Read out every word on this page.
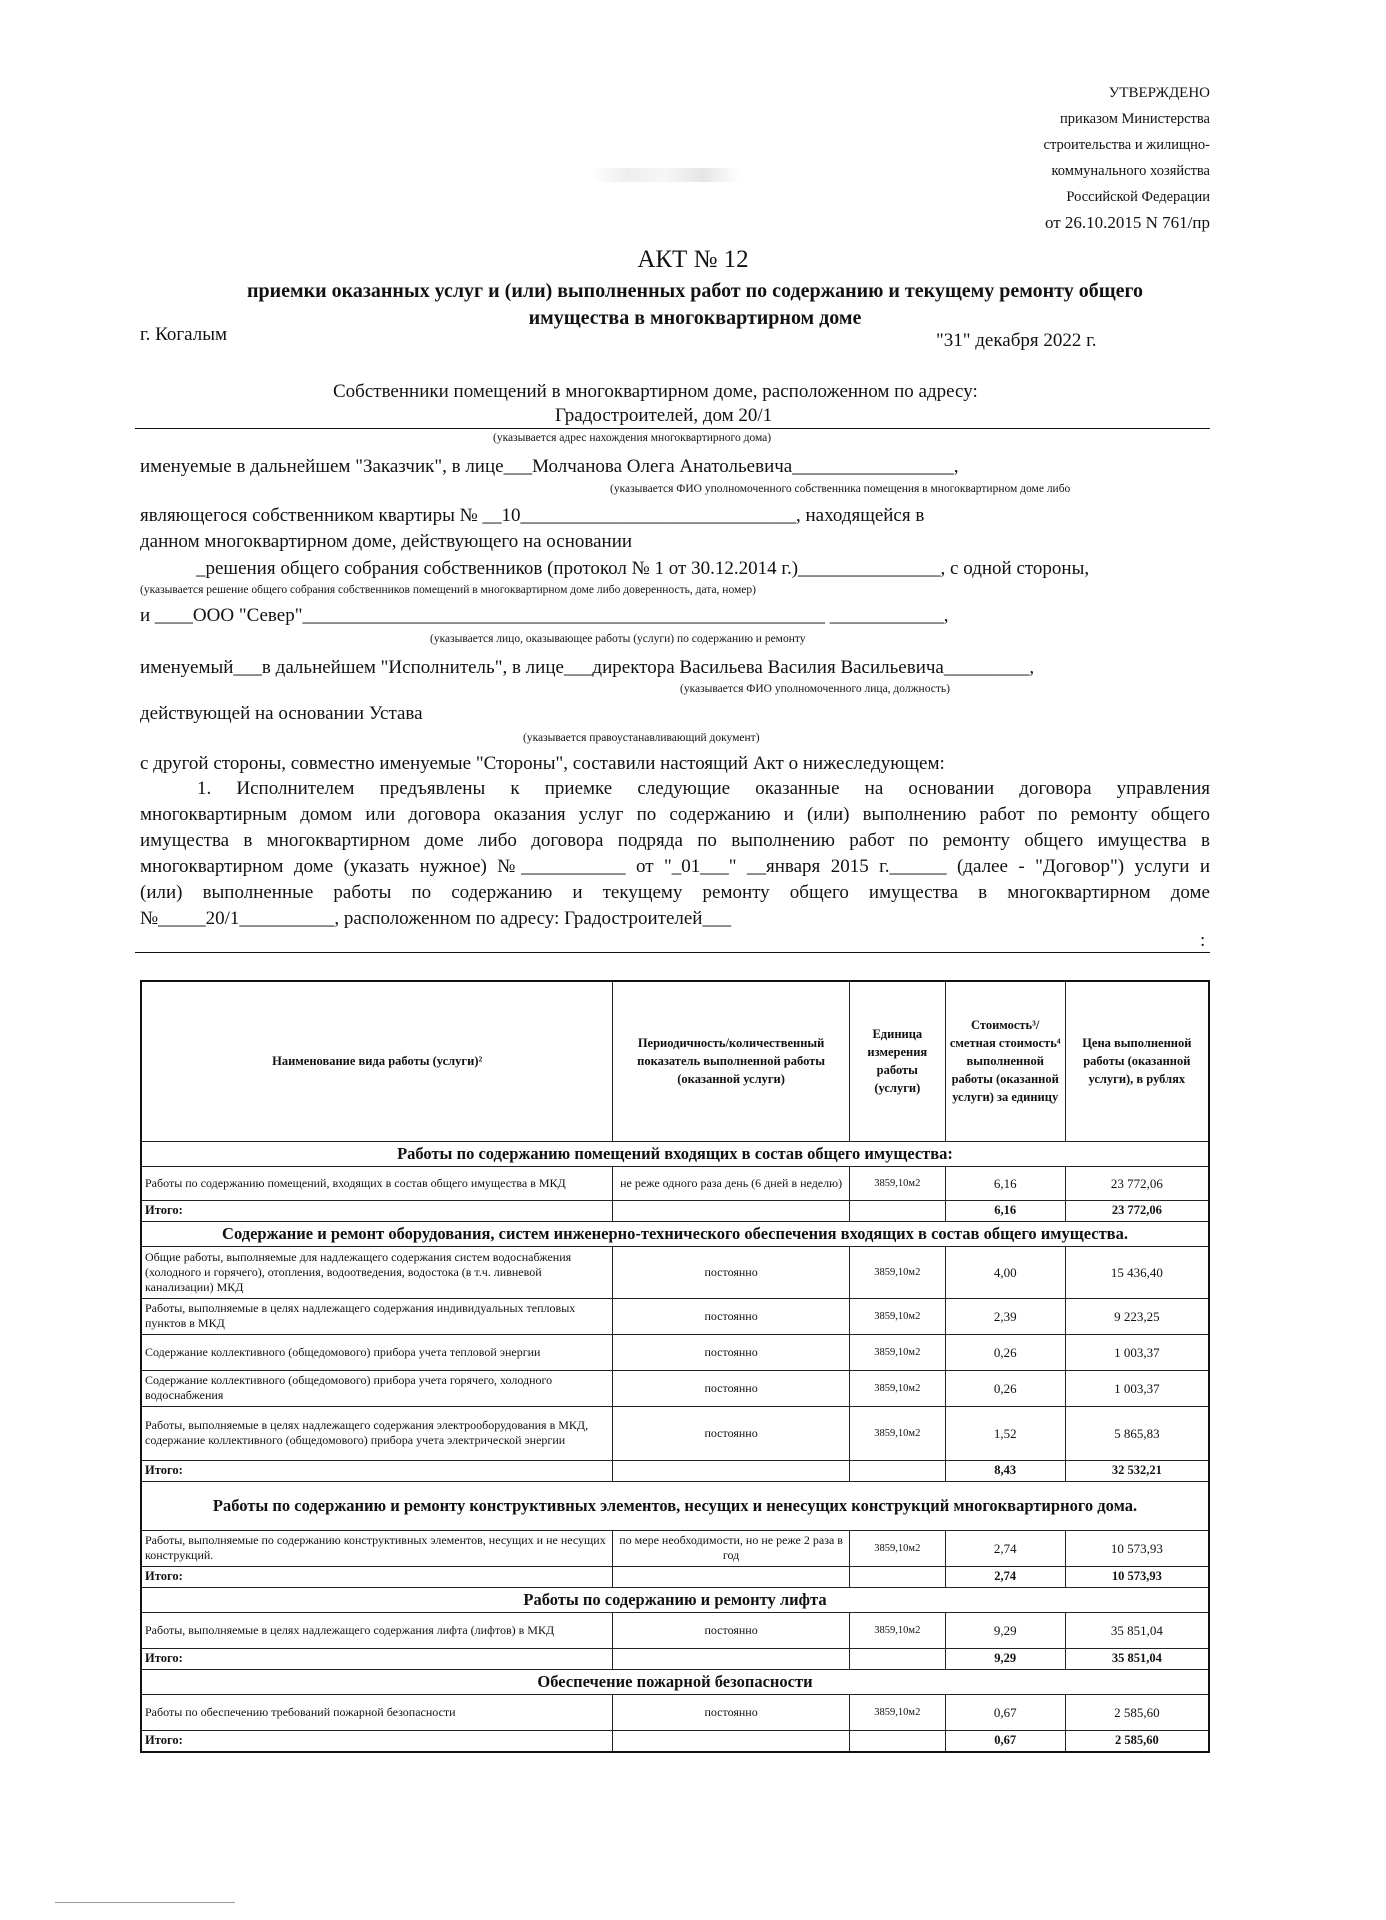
УТВЕРЖДЕНО
приказом Министерства
строительства и жилищно-
коммунального хозяйства
Российской Федерации
от 26.10.2015 N 761/пр
АКТ № 12
приемки оказанных услуг и (или) выполненных работ по содержанию и текущему ремонту общего
имущества в многоквартирном доме
г. Когалым	"31" декабря 2022 г.
Собственники помещений в многоквартирном доме, расположенном по адресу:
Градостроителей, дом 20/1
(указывается адрес нахождения многоквартирного дома)
именуемые в дальнейшем "Заказчик", в лице___Молчанова Олега Анатольевича_________________,
(указывается ФИО уполномоченного собственника помещения в многоквартирном доме либо
являющегося собственником квартиры № __10_____________________________, находящейся в
данном многоквартирном доме, действующего на основании
_решения общего собрания собственников (протокол № 1 от 30.12.2014 г.)_______________, с одной стороны,
(указывается решение общего собрания собственников помещений в многоквартирном доме либо доверенность, дата, номер)
и ____ООО "Север"_______________________________________________________ ____________,
(указывается лицо, оказывающее работы (услуги) по содержанию и ремонту
именуемый___в дальнейшем "Исполнитель", в лице___директора Васильева Василия Васильевича_________,
(указывается ФИО уполномоченного лица, должность)
действующей на основании Устава
(указывается правоустанавливающий документ)
с другой стороны, совместно именуемые "Стороны", составили настоящий Акт о нижеследующем:
1. Исполнителем предъявлены к приемке следующие оказанные на основании договора управления
многоквартирным домом или договора оказания услуг по содержанию и (или) выполнению работ по ремонту общего
имущества в многоквартирном доме либо договора подряда по выполнению работ по ремонту общего имущества в
многоквартирном доме (указать нужное) №___________ от "_01___" __января 2015 г.______ (далее - "Договор") услуги и
(или) выполненные работы по содержанию и текущему ремонту общего имущества в многоквартирном доме
№_____20/1__________, расположенном по адресу: Градостроителей___
:
Наименование вида работы (услуги)²	Периодичность/количественный показатель выполненной работы (оказанной услуги)	Единица измерения работы (услуги)	Стоимость³/сметная стоимость⁴ выполненной работы (оказанной услуги) за единицу	Цена выполненной работы (оказанной услуги), в рублях
Работы по содержанию помещений входящих в состав общего имущества:				
Работы по содержанию помещений, входящих в состав общего имущества в МКД	не реже одного раза день (6 дней в неделю)	3859,10м2	6,16	23 772,06
Итого:			6,16	23 772,06
Содержание и ремонт оборудования, систем инженерно-технического обеспечения входящих в состав общего имущества.				
Общие работы, выполняемые для надлежащего содержания систем водоснабжения (холодного и горячего), отопления, водоотведения, водостока (в т.ч. ливневой канализации) МКД	постоянно	3859,10м2	4,00	15 436,40
Работы, выполняемые в целях надлежащего содержания индивидуальных тепловых пунктов в МКД	постоянно	3859,10м2	2,39	9 223,25
Содержание коллективного (общедомового) прибора учета тепловой энергии	постоянно	3859,10м2	0,26	1 003,37
Содержание коллективного (общедомового) прибора учета горячего, холодного водоснабжения	постоянно	3859,10м2	0,26	1 003,37
Работы, выполняемые в целях надлежащего содержания электрооборудования в МКД, содержание коллективного (общедомового) прибора учета электрической энергии	постоянно	3859,10м2	1,52	5 865,83
Итого:			8,43	32 532,21
Работы по содержанию и ремонту конструктивных элементов, несущих и ненесущих конструкций многоквартирного дома.				
Работы, выполняемые по содержанию конструктивных элементов, несущих и не несущих конструкций.	по мере необходимости, но не реже 2 раза в год	3859,10м2	2,74	10 573,93
Итого:			2,74	10 573,93
Работы по содержанию и ремонту лифта				
Работы, выполняемые в целях надлежащего содержания лифта (лифтов) в МКД	постоянно	3859,10м2	9,29	35 851,04
Итого:			9,29	35 851,04
Обеспечение пожарной безопасности				
Работы по обеспечению требований пожарной безопасности	постоянно	3859,10м2	0,67	2 585,60
Итого:			0,67	2 585,60
